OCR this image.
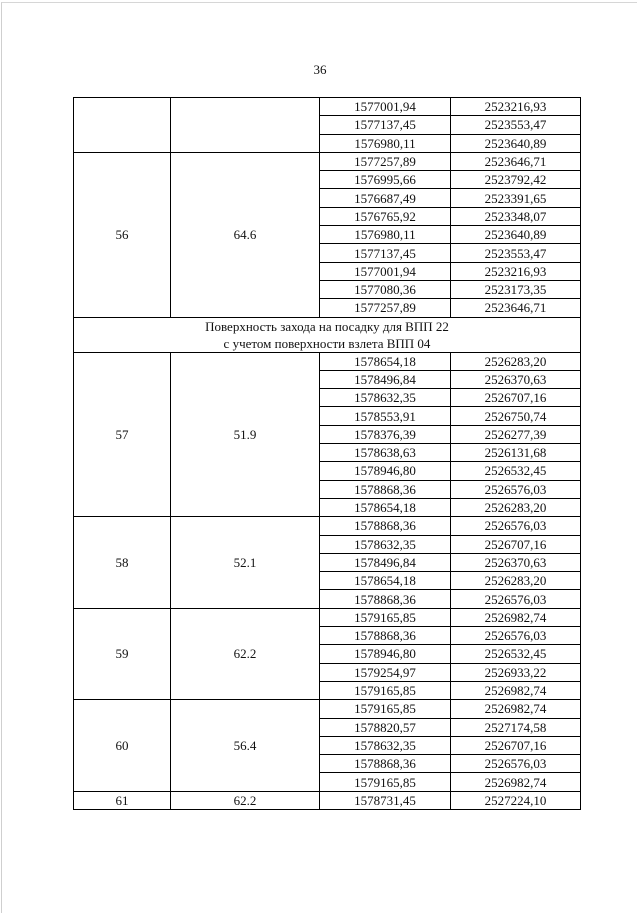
36
		1577001,94	2523216,93
		1577137,45	2523553,47
		1576980,11	2523640,89
56	64.6	1577257,89	2523646,71
		1576995,66	2523792,42
		1576687,49	2523391,65
		1576765,92	2523348,07
		1576980,11	2523640,89
		1577137,45	2523553,47
		1577001,94	2523216,93
		1577080,36	2523173,35
		1577257,89	2523646,71

Поверхность захода на посадку для ВПП 22
с учетом поверхности взлета ВПП 04			

57	51.9	1578654,18	2526283,20
		1578496,84	2526370,63
		1578632,35	2526707,16
		1578553,91	2526750,74
		1578376,39	2526277,39
		1578638,63	2526131,68
		1578946,80	2526532,45
		1578868,36	2526576,03
		1578654,18	2526283,20
58	52.1	1578868,36	2526576,03
		1578632,35	2526707,16
		1578496,84	2526370,63
		1578654,18	2526283,20
		1578868,36	2526576,03
59	62.2	1579165,85	2526982,74
		1578868,36	2526576,03
		1578946,80	2526532,45
		1579254,97	2526933,22
		1579165,85	2526982,74
60	56.4	1579165,85	2526982,74
		1578820,57	2527174,58
		1578632,35	2526707,16
		1578868,36	2526576,03
		1579165,85	2526982,74
61	62.2	1578731,45	2527224,10
